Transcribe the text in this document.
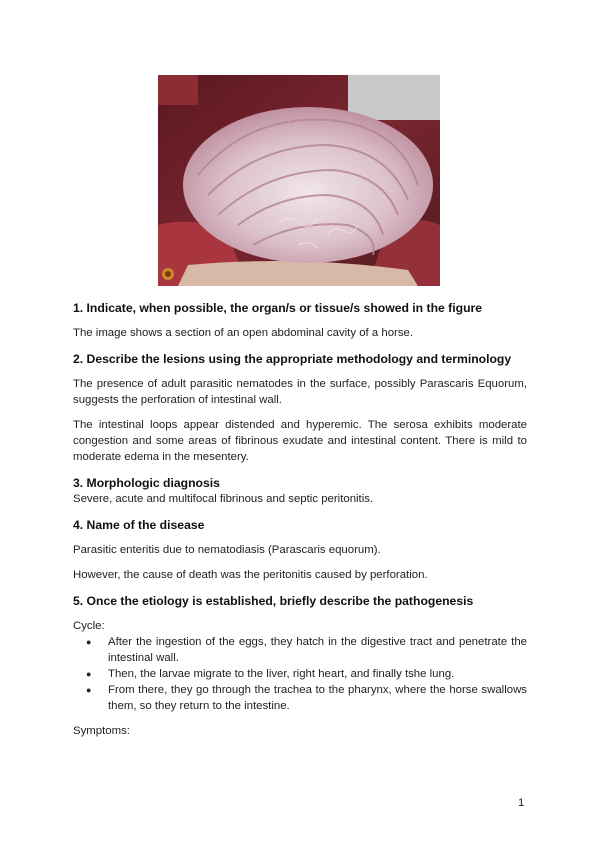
1. Indicate, when possible, the organ/s or tissue/s showed in the figure

The image shows a section of an open abdominal cavity of a horse.

2. Describe the lesions using the appropriate methodology and terminology

The presence of adult parasitic nematodes in the surface, possibly Parascaris Equorum, suggests the perforation of intestinal wall.

The intestinal loops appear distended and hyperemic. The serosa exhibits moderate congestion and some areas of fibrinous exudate and intestinal content. There is mild to moderate edema in the mesentery.

3. Morphologic diagnosis

Severe, acute and multifocal fibrinous and septic peritonitis.

4. Name of the disease

Parasitic enteritis due to nematodiasis (Parascaris equorum).

However, the cause of death was the peritonitis caused by perforation.

5. Once the etiology is established, briefly describe the pathogenesis

Cycle:

● After the ingestion of the eggs, they hatch in the digestive tract and penetrate the intestinal wall.
● Then, the larvae migrate to the liver, right heart, and finally tshe lung.
● From there, they go through the trachea to the pharynx, where the horse swallows them, so they return to the intestine.

Symptoms:

1
